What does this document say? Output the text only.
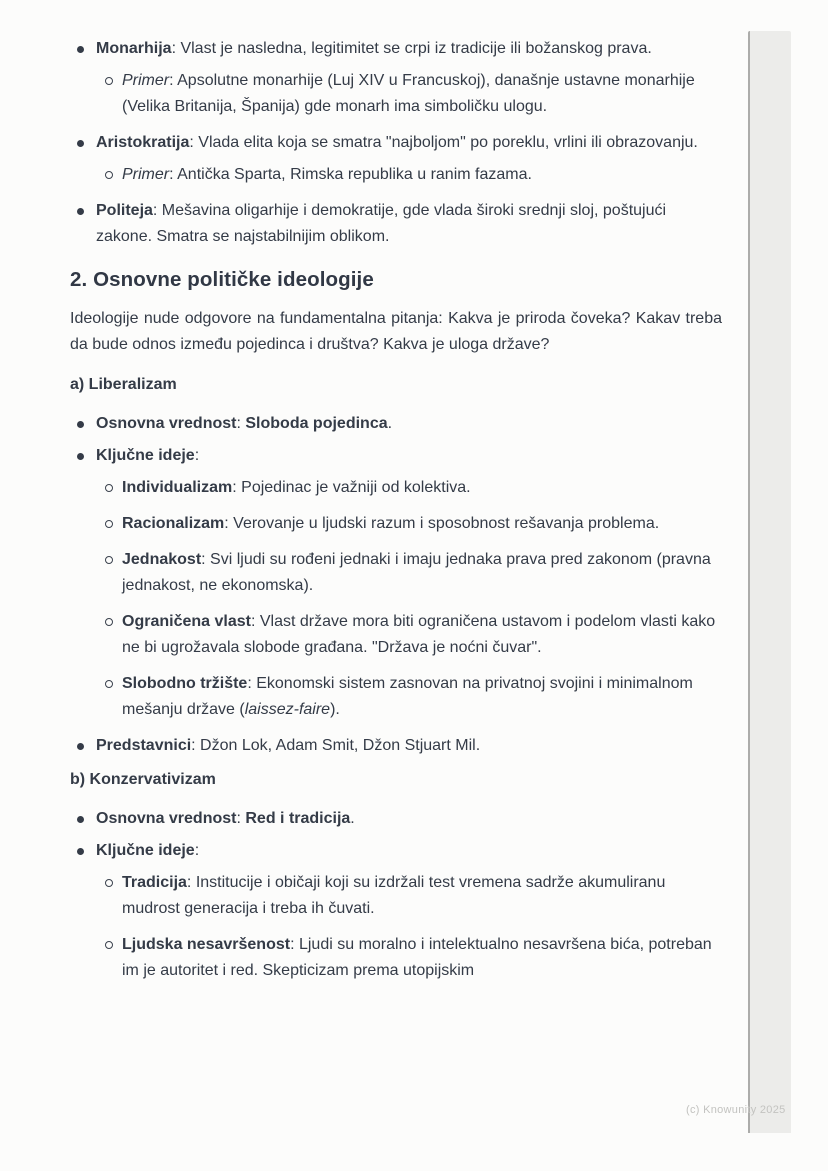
Monarhija: Vlast je nasledna, legitimitet se crpi iz tradicije ili božanskog prava.
Primer: Apsolutne monarhije (Luj XIV u Francuskoj), današnje ustavne monarhije (Velika Britanija, Španija) gde monarh ima simboličku ulogu.
Aristokratija: Vlada elita koja se smatra "najboljom" po poreklu, vrlini ili obrazovanju.
Primer: Antička Sparta, Rimska republika u ranim fazama.
Politeja: Mešavina oligarhije i demokratije, gde vlada široki srednji sloj, poštujući zakone. Smatra se najstabilnijim oblikom.
2. Osnovne političke ideologije

Ideologije nude odgovore na fundamentalna pitanja: Kakva je priroda čoveka? Kakav treba da bude odnos između pojedinca i društva? Kakva je uloga države?

a) Liberalizam

Osnovna vrednost: Sloboda pojedinca.
Ključne ideje:
Individualizam: Pojedinac je važniji od kolektiva.
Racionalizam: Verovanje u ljudski razum i sposobnost rešavanja problema.
Jednakost: Svi ljudi su rođeni jednaki i imaju jednaka prava pred zakonom (pravna jednakost, ne ekonomska).
Ograničena vlast: Vlast države mora biti ograničena ustavom i podelom vlasti kako ne bi ugrožavala slobode građana. "Država je noćni čuvar".
Slobodno tržište: Ekonomski sistem zasnovan na privatnoj svojini i minimalnom mešanju države (laissez-faire).
Predstavnici: Džon Lok, Adam Smit, Džon Stjuart Mil.

b) Konzervativizam

Osnovna vrednost: Red i tradicija.
Ključne ideje:
Tradicija: Institucije i običaji koji su izdržali test vremena sadrže akumuliranu mudrost generacija i treba ih čuvati.
Ljudska nesavršenost: Ljudi su moralno i intelektualno nesavršena bića, potreban im je autoritet i red. Skepticizam prema utopijskim
(c) Knowunity 2025
